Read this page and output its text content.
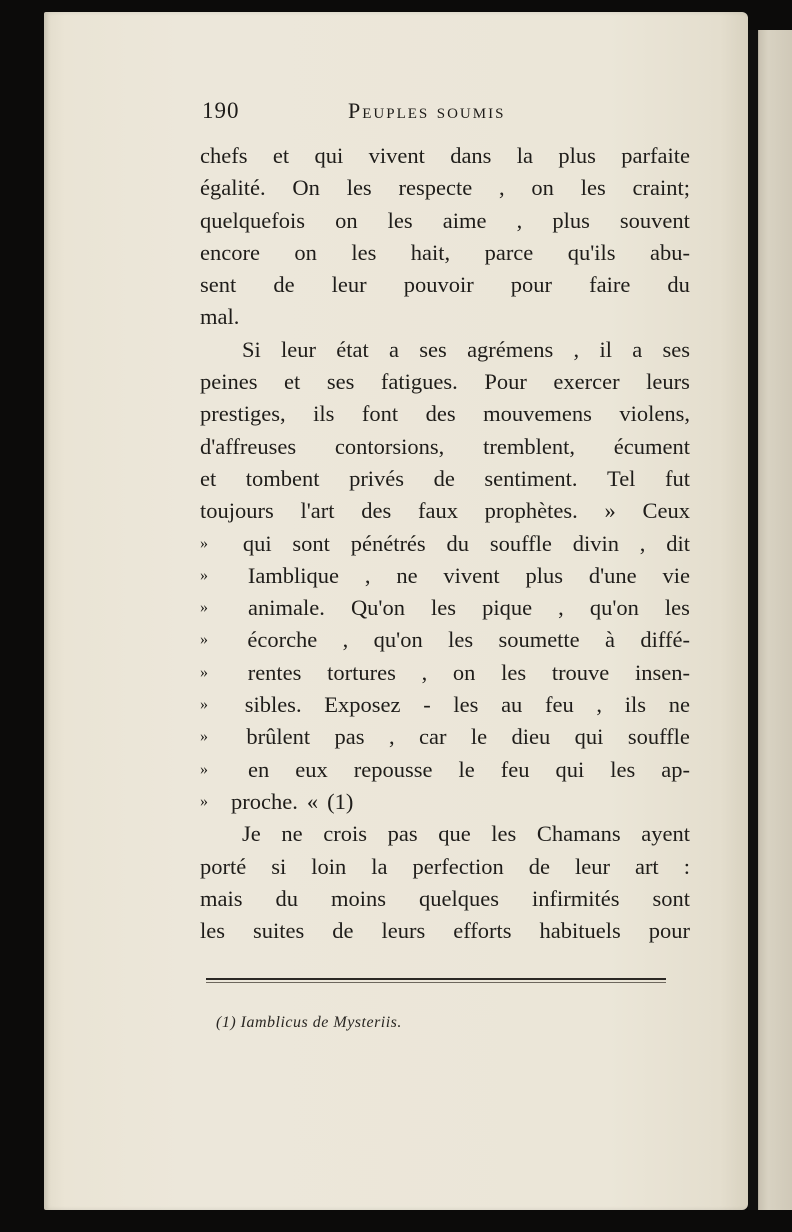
190	Peuples soumis
chefs et qui vivent dans la plus parfaite
égalité. On les respecte , on les craint;
quelquefois on les aime , plus souvent
encore on les hait, parce qu'ils abu-
sent de leur pouvoir pour faire du
mal.
Si leur état a ses agrémens , il a ses
peines et ses fatigues. Pour exercer leurs
prestiges, ils font des mouvemens violens,
d'affreuses contorsions, tremblent, écument
et tombent privés de sentiment. Tel fut
toujours l'art des faux prophètes. » Ceux
»	qui sont pénétrés du souffle divin , dit
»	Iamblique , ne vivent plus d'une vie
»	animale. Qu'on les pique , qu'on les
»	écorche , qu'on les soumette à diffé-
»	rentes tortures , on les trouve insen-
»	sibles. Exposez - les au feu , ils ne
»	brûlent pas , car le dieu qui souffle
»	en eux repousse le feu qui les ap-
»	proche. « (1)
Je ne crois pas que les Chamans ayent
porté si loin la perfection de leur art :
mais du moins quelques infirmités sont
les suites de leurs efforts habituels pour
(1) Iamblicus de Mysteriis.
